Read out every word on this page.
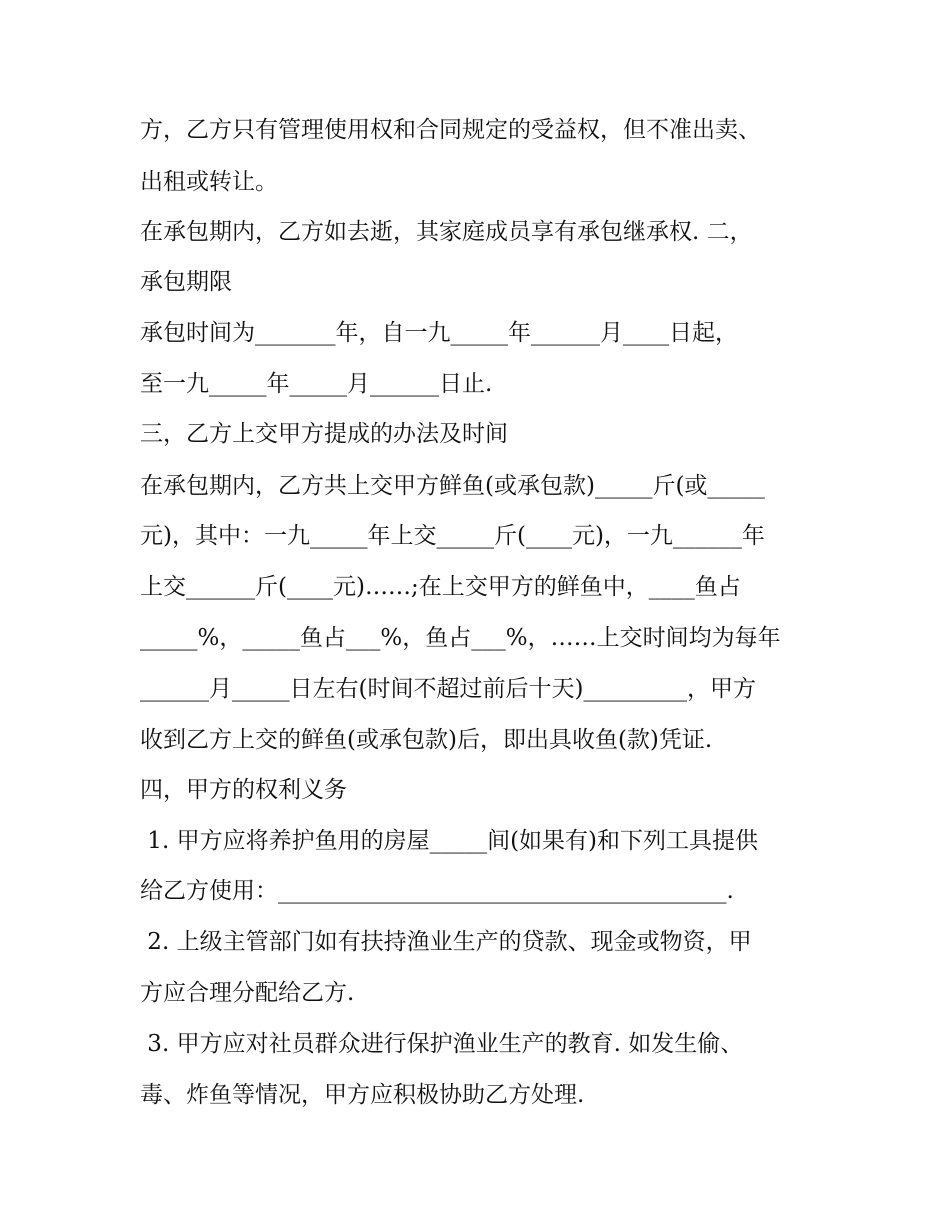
方，乙方只有管理使用权和合同规定的受益权，但不准出卖、

出租或转让。

在承包期内，乙方如去逝，其家庭成员享有承包继承权. 二，

承包期限

承包时间为_______年，自一九_____年______月____日起，

至一九_____年_____月______日止.

三，乙方上交甲方提成的办法及时间

在承包期内，乙方共上交甲方鲜鱼(或承包款)_____斤(或_____

元)，其中：一九_____年上交_____斤(____元)，一九______年

上交______斤(____元)……;在上交甲方的鲜鱼中，____鱼占

_____%，_____鱼占___%，鱼占___%，……上交时间均为每年

______月_____日左右(时间不超过前后十天)_________，甲方

收到乙方上交的鲜鱼(或承包款)后，即出具收鱼(款)凭证.

四，甲方的权利义务

1. 甲方应将养护鱼用的房屋_____间(如果有)和下列工具提供

给乙方使用：_______________________________________.

2. 上级主管部门如有扶持渔业生产的贷款、现金或物资，甲

方应合理分配给乙方.

3. 甲方应对社员群众进行保护渔业生产的教育. 如发生偷、

毒、炸鱼等情况，甲方应积极协助乙方处理.
